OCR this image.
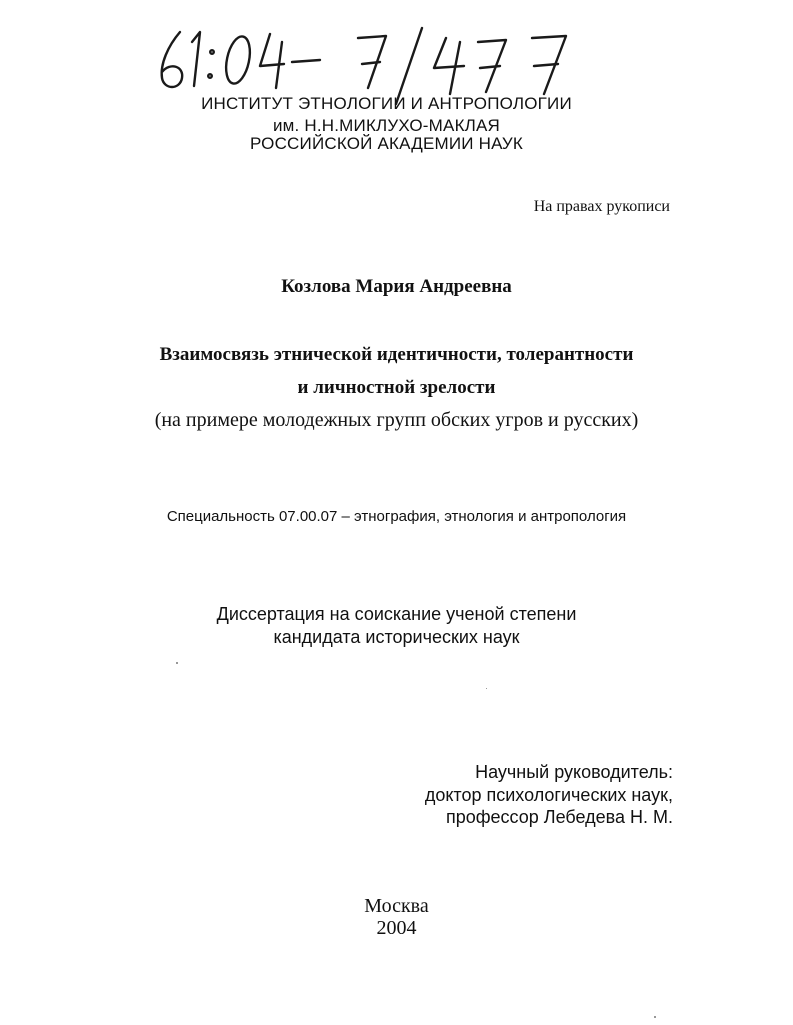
ИНСТИТУТ ЭТНОЛОГИИ И АНТРОПОЛОГИИ
им. Н.Н.МИКЛУХО-МАКЛАЯ
РОССИЙСКОЙ АКАДЕМИИ НАУК
На правах рукописи
Козлова Мария Андреевна
Взаимосвязь этнической идентичности, толерантности
и личностной зрелости
(на примере молодежных групп обских угров и русских)
Специальность 07.00.07 – этнография, этнология и антропология
Диссертация на соискание ученой степени
кандидата исторических наук
Научный руководитель:
доктор психологических наук,
профессор Лебедева Н. М.
Москва
2004
